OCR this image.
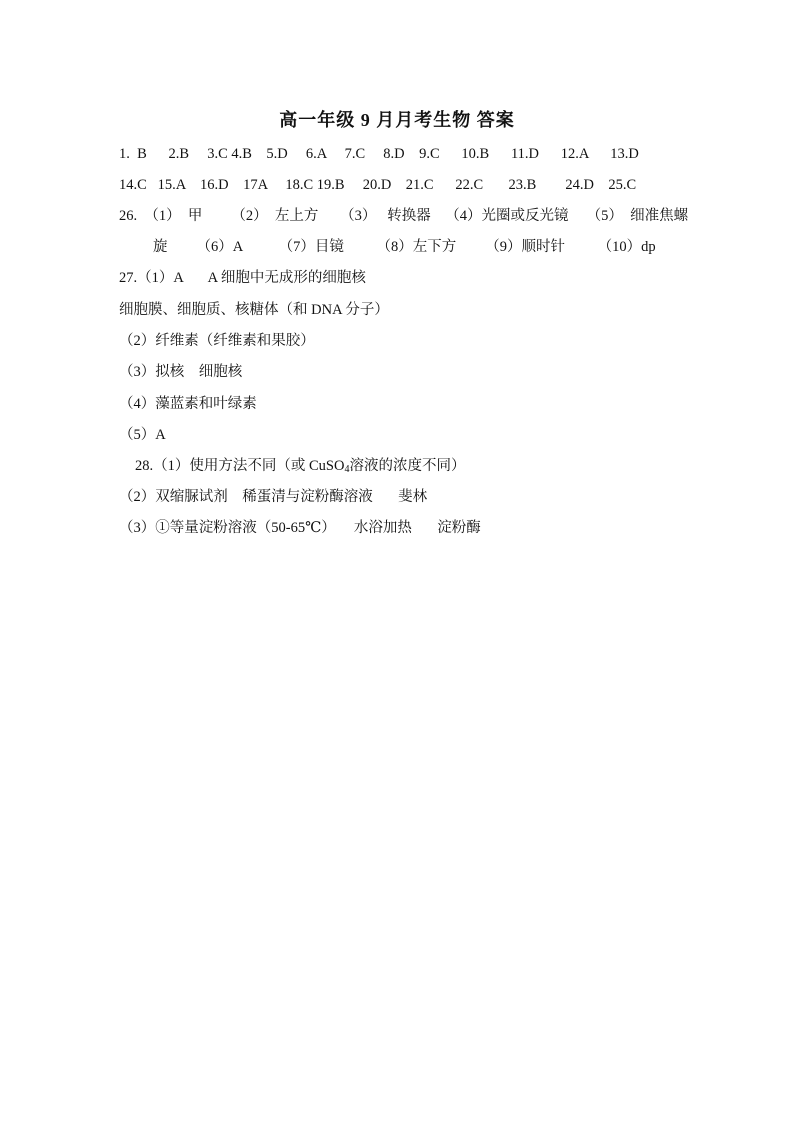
高一年级 9 月月考生物 答案
1.  B      2.B     3.C 4.B    5.D     6.A     7.C     8.D    9.C      10.B      11.D      12.A      13.D
14.C   15.A    16.D    17A     18.C 19.B     20.D    21.C      22.C       23.B        24.D    25.C
26.  （1）  甲        （2）  左上方      （3）   转换器    （4）光圈或反光镜     （5）  细准焦螺
旋        （6）A          （7）目镜         （8）左下方        （9）顺时针         （10）dp
27.（1）A       A 细胞中无成形的细胞核
细胞膜、细胞质、核糖体（和 DNA 分子）
（2）纤维素（纤维素和果胶）
（3）拟核    细胞核
（4）藻蓝素和叶绿素
（5）A
28.（1）使用方法不同（或 CuSO$_4$溶液的浓度不同）
（2）双缩脲试剂    稀蛋清与淀粉酶溶液       斐林
（3）①等量淀粉溶液（50-65℃）     水浴加热       淀粉酶
